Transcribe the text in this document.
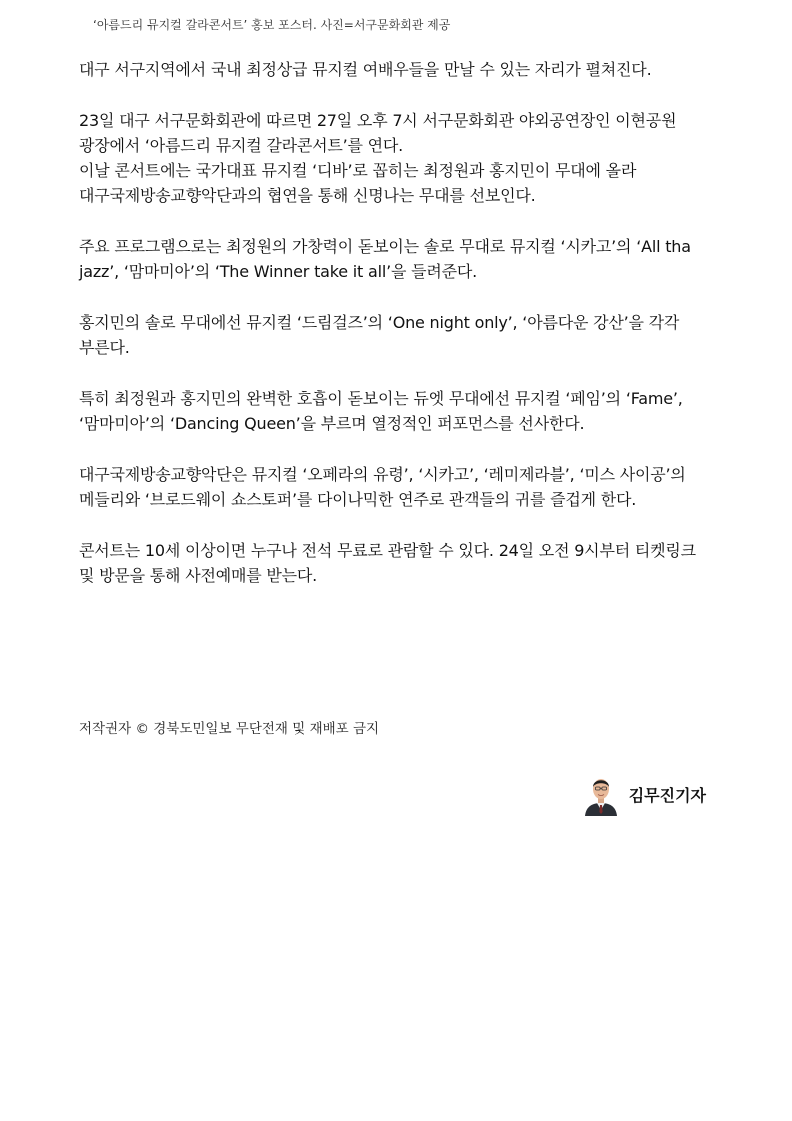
‘아름드리 뮤지컬 갈라콘서트’ 홍보 포스터. 사진=서구문화회관 제공

대구 서구지역에서 국내 최정상급 뮤지컬 여배우들을 만날 수 있는 자리가 펼쳐진다.

23일 대구 서구문화회관에 따르면 27일 오후 7시 서구문화회관 야외공연장인 이현공원 광장에서 ‘아름드리 뮤지컬 갈라콘서트’를 연다.

이날 콘서트에는 국가대표 뮤지컬 ‘디바’로 꼽히는 최정원과 홍지민이 무대에 올라 대구국제방송교향악단과의 협연을 통해 신명나는 무대를 선보인다.

주요 프로그램으로는 최정원의 가창력이 돋보이는 솔로 무대로 뮤지컬 ‘시카고’의 ‘All tha jazz’, ‘맘마미아’의 ‘The Winner take it all’을 들려준다.

홍지민의 솔로 무대에선 뮤지컬 ‘드림걸즈’의 ‘One night only’, ‘아름다운 강산’을 각각 부른다.

특히 최정원과 홍지민의 완벽한 호흡이 돋보이는 듀엣 무대에선 뮤지컬 ‘페임’의 ‘Fame’, ‘맘마미아’의 ‘Dancing Queen’을 부르며 열정적인 퍼포먼스를 선사한다.

대구국제방송교향악단은 뮤지컬 ‘오페라의 유령’, ‘시카고’, ‘레미제라블’, ‘미스 사이공’의 메들리와 ‘브로드웨이 쇼스토퍼’를 다이나믹한 연주로 관객들의 귀를 즐겁게 한다.

콘서트는 10세 이상이면 누구나 전석 무료로 관람할 수 있다. 24일 오전 9시부터 티켓링크 및 방문을 통해 사전예매를 받는다.

저작권자 © 경북도민일보 무단전재 및 재배포 금지
김무진기자
